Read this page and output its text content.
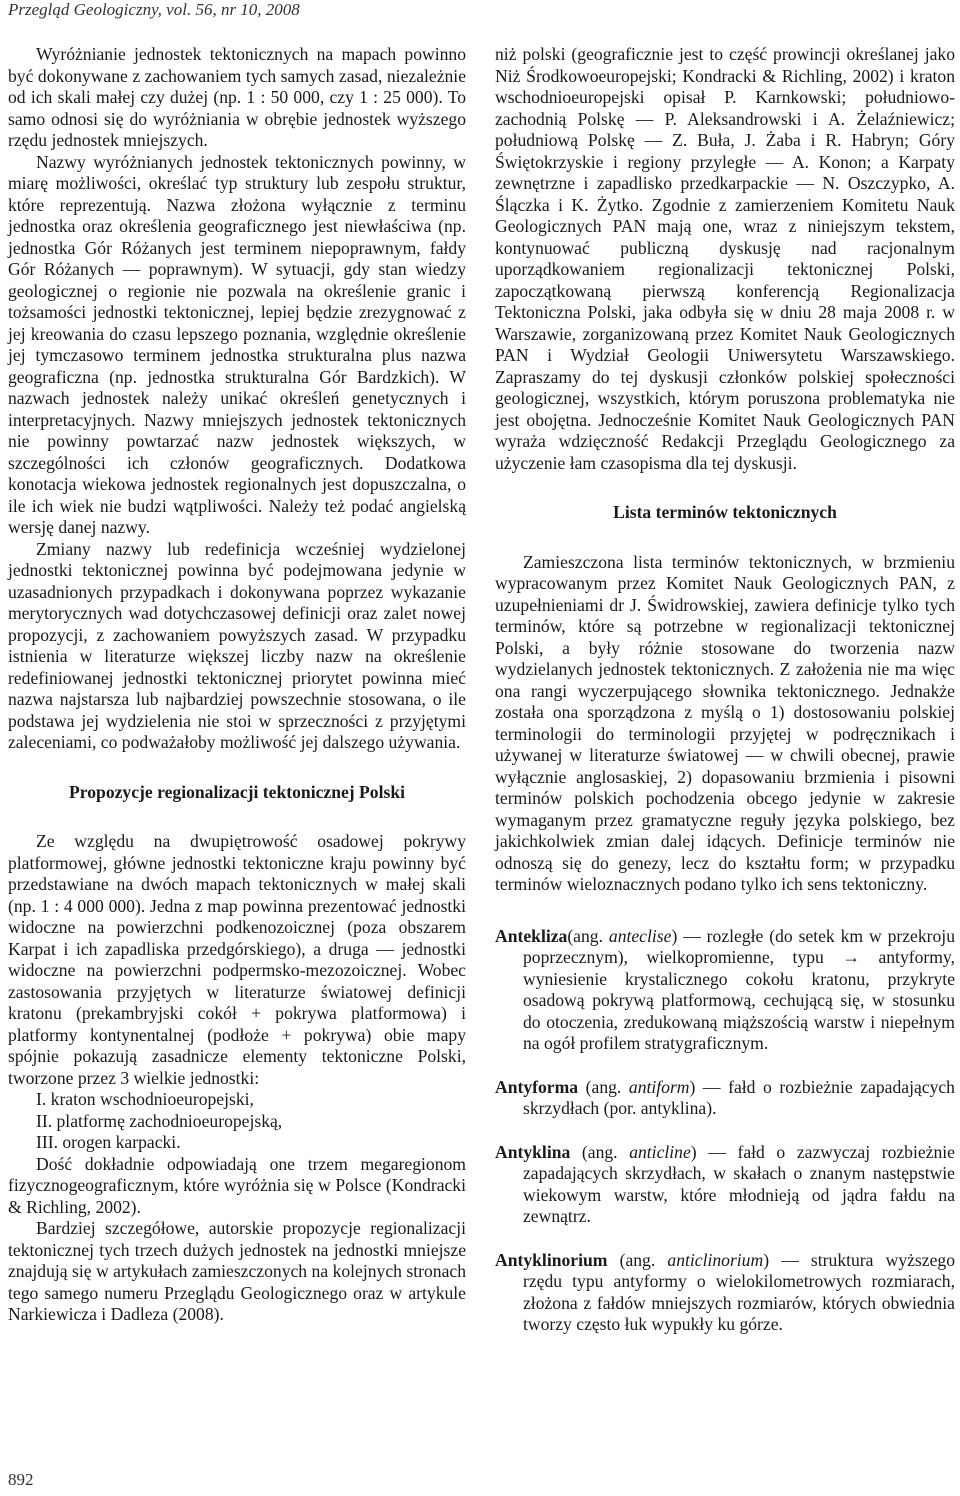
Przegląd Geologiczny, vol. 56, nr 10, 2008

Wyróżnianie jednostek tektonicznych na mapach powinno być dokonywane z zachowaniem tych samych zasad, niezależnie od ich skali małej czy dużej (np. 1 : 50 000, czy 1 : 25 000). To samo odnosi się do wyróżniania w obrębie jednostek wyższego rzędu jednostek mniejszych.

Nazwy wyróżnianych jednostek tektonicznych powinny, w miarę możliwości, określać typ struktury lub zespołu struktur, które reprezentują. Nazwa złożona wyłącznie z terminu jednostka oraz określenia geograficznego jest niewłaściwa (np. jednostka Gór Różanych jest terminem niepoprawnym, fałdy Gór Różanych — poprawnym). W sytuacji, gdy stan wiedzy geologicznej o regionie nie pozwala na określenie granic i tożsamości jednostki tektonicznej, lepiej będzie zrezygnować z jej kreowania do czasu lepszego poznania, względnie określenie jej tymczasowo terminem jednostka strukturalna plus nazwa geograficzna (np. jednostka strukturalna Gór Bardzkich). W nazwach jednostek należy unikać określeń genetycznych i interpretacyjnych. Nazwy mniejszych jednostek tektonicznych nie powinny powtarzać nazw jednostek większych, w szczególności ich członów geograficznych. Dodatkowa konotacja wiekowa jednostek regionalnych jest dopuszczalna, o ile ich wiek nie budzi wątpliwości. Należy też podać angielską wersję danej nazwy.

Zmiany nazwy lub redefinicja wcześniej wydzielonej jednostki tektonicznej powinna być podejmowana jedynie w uzasadnionych przypadkach i dokonywana poprzez wykazanie merytorycznych wad dotychczasowej definicji oraz zalet nowej propozycji, z zachowaniem powyższych zasad. W przypadku istnienia w literaturze większej liczby nazw na określenie redefiniowanej jednostki tektonicznej priorytet powinna mieć nazwa najstarsza lub najbardziej powszechnie stosowana, o ile podstawa jej wydzielenia nie stoi w sprzeczności z przyjętymi zaleceniami, co podważałoby możliwość jej dalszego używania.

Propozycje regionalizacji tektonicznej Polski

Ze względu na dwupiętrowość osadowej pokrywy platformowej, główne jednostki tektoniczne kraju powinny być przedstawiane na dwóch mapach tektonicznych w małej skali (np. 1 : 4 000 000). Jedna z map powinna prezentować jednostki widoczne na powierzchni podkenozoicznej (poza obszarem Karpat i ich zapadliska przedgórskiego), a druga — jednostki widoczne na powierzchni podpermsko-mezozoicznej. Wobec zastosowania przyjętych w literaturze światowej definicji kratonu (prekambryjski cokół + pokrywa platformowa) i platformy kontynentalnej (podłoże + pokrywa) obie mapy spójnie pokazują zasadnicze elementy tektoniczne Polski, tworzone przez 3 wielkie jednostki:

I. kraton wschodnioeuropejski,

II. platformę zachodnioeuropejską,

III. orogen karpacki.

Dość dokładnie odpowiadają one trzem megaregionom fizycznogeograficznym, które wyróżnia się w Polsce (Kondracki & Richling, 2002).

Bardziej szczegółowe, autorskie propozycje regionalizacji tektonicznej tych trzech dużych jednostek na jednostki mniejsze znajdują się w artykułach zamieszczonych na kolejnych stronach tego samego numeru Przeglądu Geologicznego oraz w artykule Narkiewicza i Dadleza (2008).

niż polski (geograficznie jest to część prowincji określanej jako Niż Środkowoeuropejski; Kondracki & Richling, 2002) i kraton wschodnioeuropejski opisał P. Karnkowski; południowo-zachodnią Polskę — P. Aleksandrowski i A. Żelaźniewicz; południową Polskę — Z. Buła, J. Żaba i R. Habryn; Góry Świętokrzyskie i regiony przyległe — A. Konon; a Karpaty zewnętrzne i zapadlisko przedkarpackie — N. Oszczypko, A. Ślączka i K. Żytko. Zgodnie z zamierzeniem Komitetu Nauk Geologicznych PAN mają one, wraz z niniejszym tekstem, kontynuować publiczną dyskusję nad racjonalnym uporządkowaniem regionalizacji tektonicznej Polski, zapoczątkowaną pierwszą konferencją Regionalizacja Tektoniczna Polski, jaka odbyła się w dniu 28 maja 2008 r. w Warszawie, zorganizowaną przez Komitet Nauk Geologicznych PAN i Wydział Geologii Uniwersytetu Warszawskiego. Zapraszamy do tej dyskusji członków polskiej społeczności geologicznej, wszystkich, którym poruszona problematyka nie jest obojętna. Jednocześnie Komitet Nauk Geologicznych PAN wyraża wdzięczność Redakcji Przeglądu Geologicznego za użyczenie łam czasopisma dla tej dyskusji.

Lista terminów tektonicznych

Zamieszczona lista terminów tektonicznych, w brzmieniu wypracowanym przez Komitet Nauk Geologicznych PAN, z uzupełnieniami dr J. Świdrowskiej, zawiera definicje tylko tych terminów, które są potrzebne w regionalizacji tektonicznej Polski, a były różnie stosowane do tworzenia nazw wydzielanych jednostek tektonicznych. Z założenia nie ma więc ona rangi wyczerpującego słownika tektonicznego. Jednakże została ona sporządzona z myślą o 1) dostosowaniu polskiej terminologii do terminologii przyjętej w podręcznikach i używanej w literaturze światowej — w chwili obecnej, prawie wyłącznie anglosaskiej, 2) dopasowaniu brzmienia i pisowni terminów polskich pochodzenia obcego jedynie w zakresie wymaganym przez gramatyczne reguły języka polskiego, bez jakichkolwiek zmian dalej idących. Definicje terminów nie odnoszą się do genezy, lecz do kształtu form; w przypadku terminów wieloznacznych podano tylko ich sens tektoniczny.

Antekliza(ang. anteclise) — rozległe (do setek km w przekroju poprzecznym), wielkopromienne, typu → antyformy, wyniesienie krystalicznego cokołu kratonu, przykryte osadową pokrywą platformową, cechującą się, w stosunku do otoczenia, zredukowaną miąższością warstw i niepełnym na ogół profilem stratygraficznym.

Antyforma (ang. antiform) — fałd o rozbieżnie zapadających skrzydłach (por. antyklina).

Antyklina (ang. anticline) — fałd o zazwyczaj rozbieżnie zapadających skrzydłach, w skałach o znanym następstwie wiekowym warstw, które młodnieją od jądra fałdu na zewnątrz.

Antyklinorium (ang. anticlinorium) — struktura wyższego rzędu typu antyformy o wielokilometrowych rozmiarach, złożona z fałdów mniejszych rozmiarów, których obwiednia tworzy często łuk wypukły ku górze.

892
